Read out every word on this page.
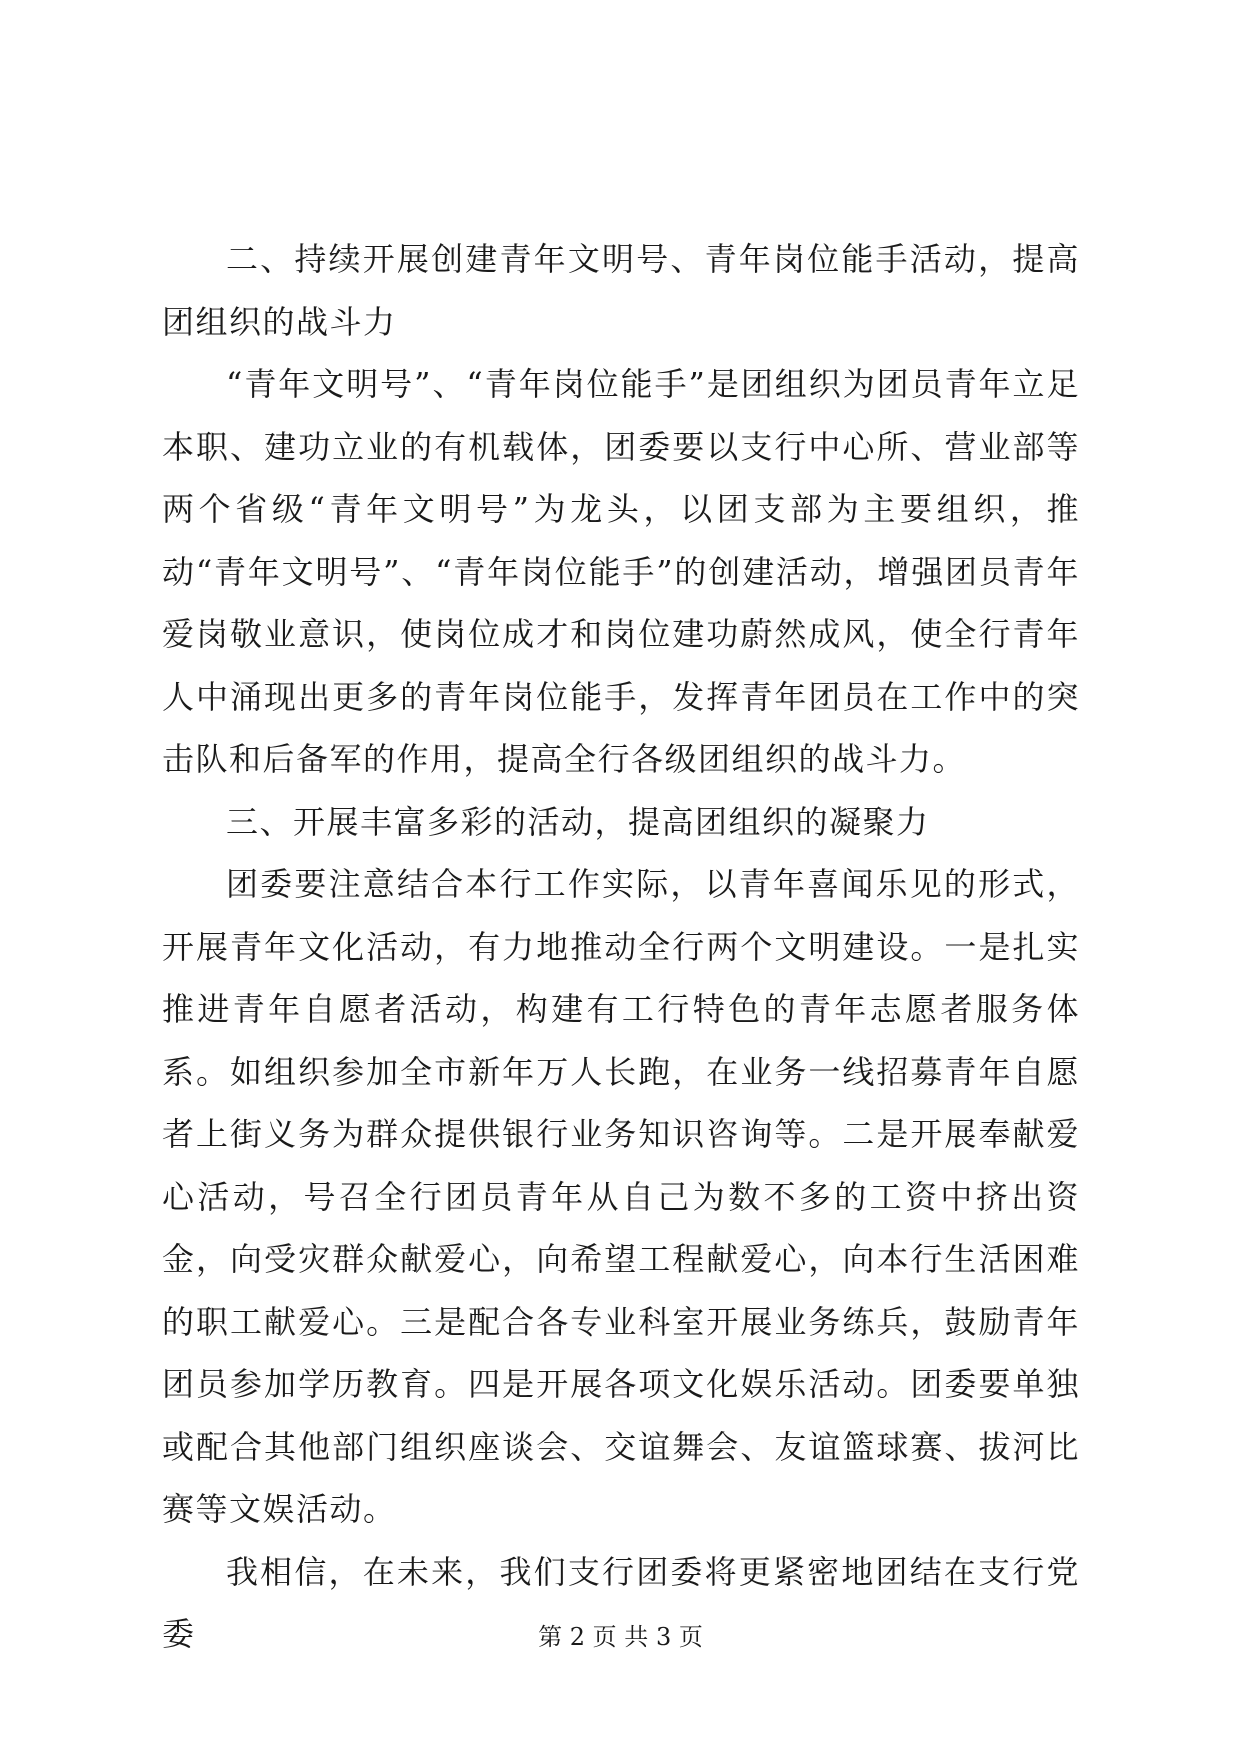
二、持续开展创建青年文明号、青年岗位能手活动，提高团组织的战斗力

“青年文明号”、“青年岗位能手”是团组织为团员青年立足本职、建功立业的有机载体，团委要以支行中心所、营业部等两个省级“青年文明号”为龙头，以团支部为主要组织，推动“青年文明号”、“青年岗位能手”的创建活动，增强团员青年爱岗敬业意识，使岗位成才和岗位建功蔚然成风，使全行青年人中涌现出更多的青年岗位能手，发挥青年团员在工作中的突击队和后备军的作用，提高全行各级团组织的战斗力。

三、开展丰富多彩的活动，提高团组织的凝聚力

团委要注意结合本行工作实际，以青年喜闻乐见的形式，开展青年文化活动，有力地推动全行两个文明建设。一是扎实推进青年自愿者活动，构建有工行特色的青年志愿者服务体系。如组织参加全市新年万人长跑，在业务一线招募青年自愿者上街义务为群众提供银行业务知识咨询等。二是开展奉献爱心活动，号召全行团员青年从自己为数不多的工资中挤出资金，向受灾群众献爱心，向希望工程献爱心，向本行生活困难的职工献爱心。三是配合各专业科室开展业务练兵，鼓励青年团员参加学历教育。四是开展各项文化娱乐活动。团委要单独或配合其他部门组织座谈会、交谊舞会、友谊篮球赛、拔河比赛等文娱活动。

我相信，在未来，我们支行团委将更紧密地团结在支行党委	第 2 页 共 3 页
